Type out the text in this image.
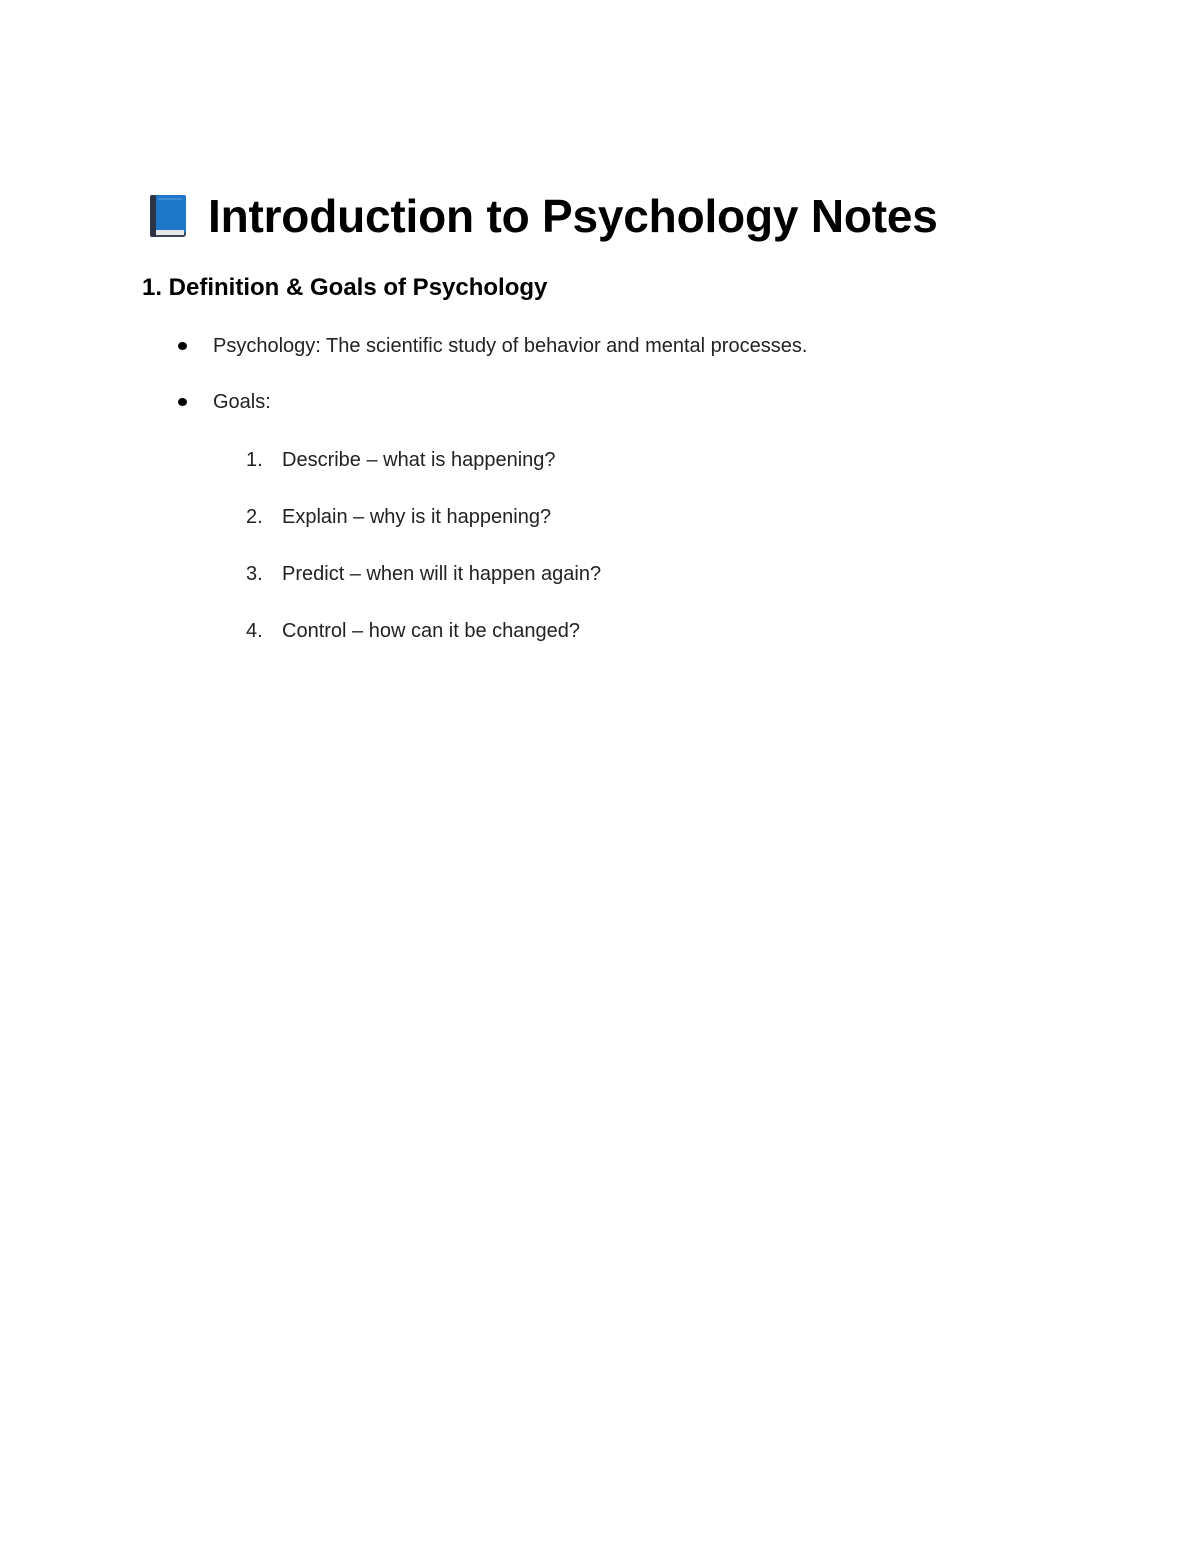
Introduction to Psychology Notes
1. Definition & Goals of Psychology
Psychology: The scientific study of behavior and mental processes.
Goals:
1. Describe – what is happening?
2. Explain – why is it happening?
3. Predict – when will it happen again?
4. Control – how can it be changed?
